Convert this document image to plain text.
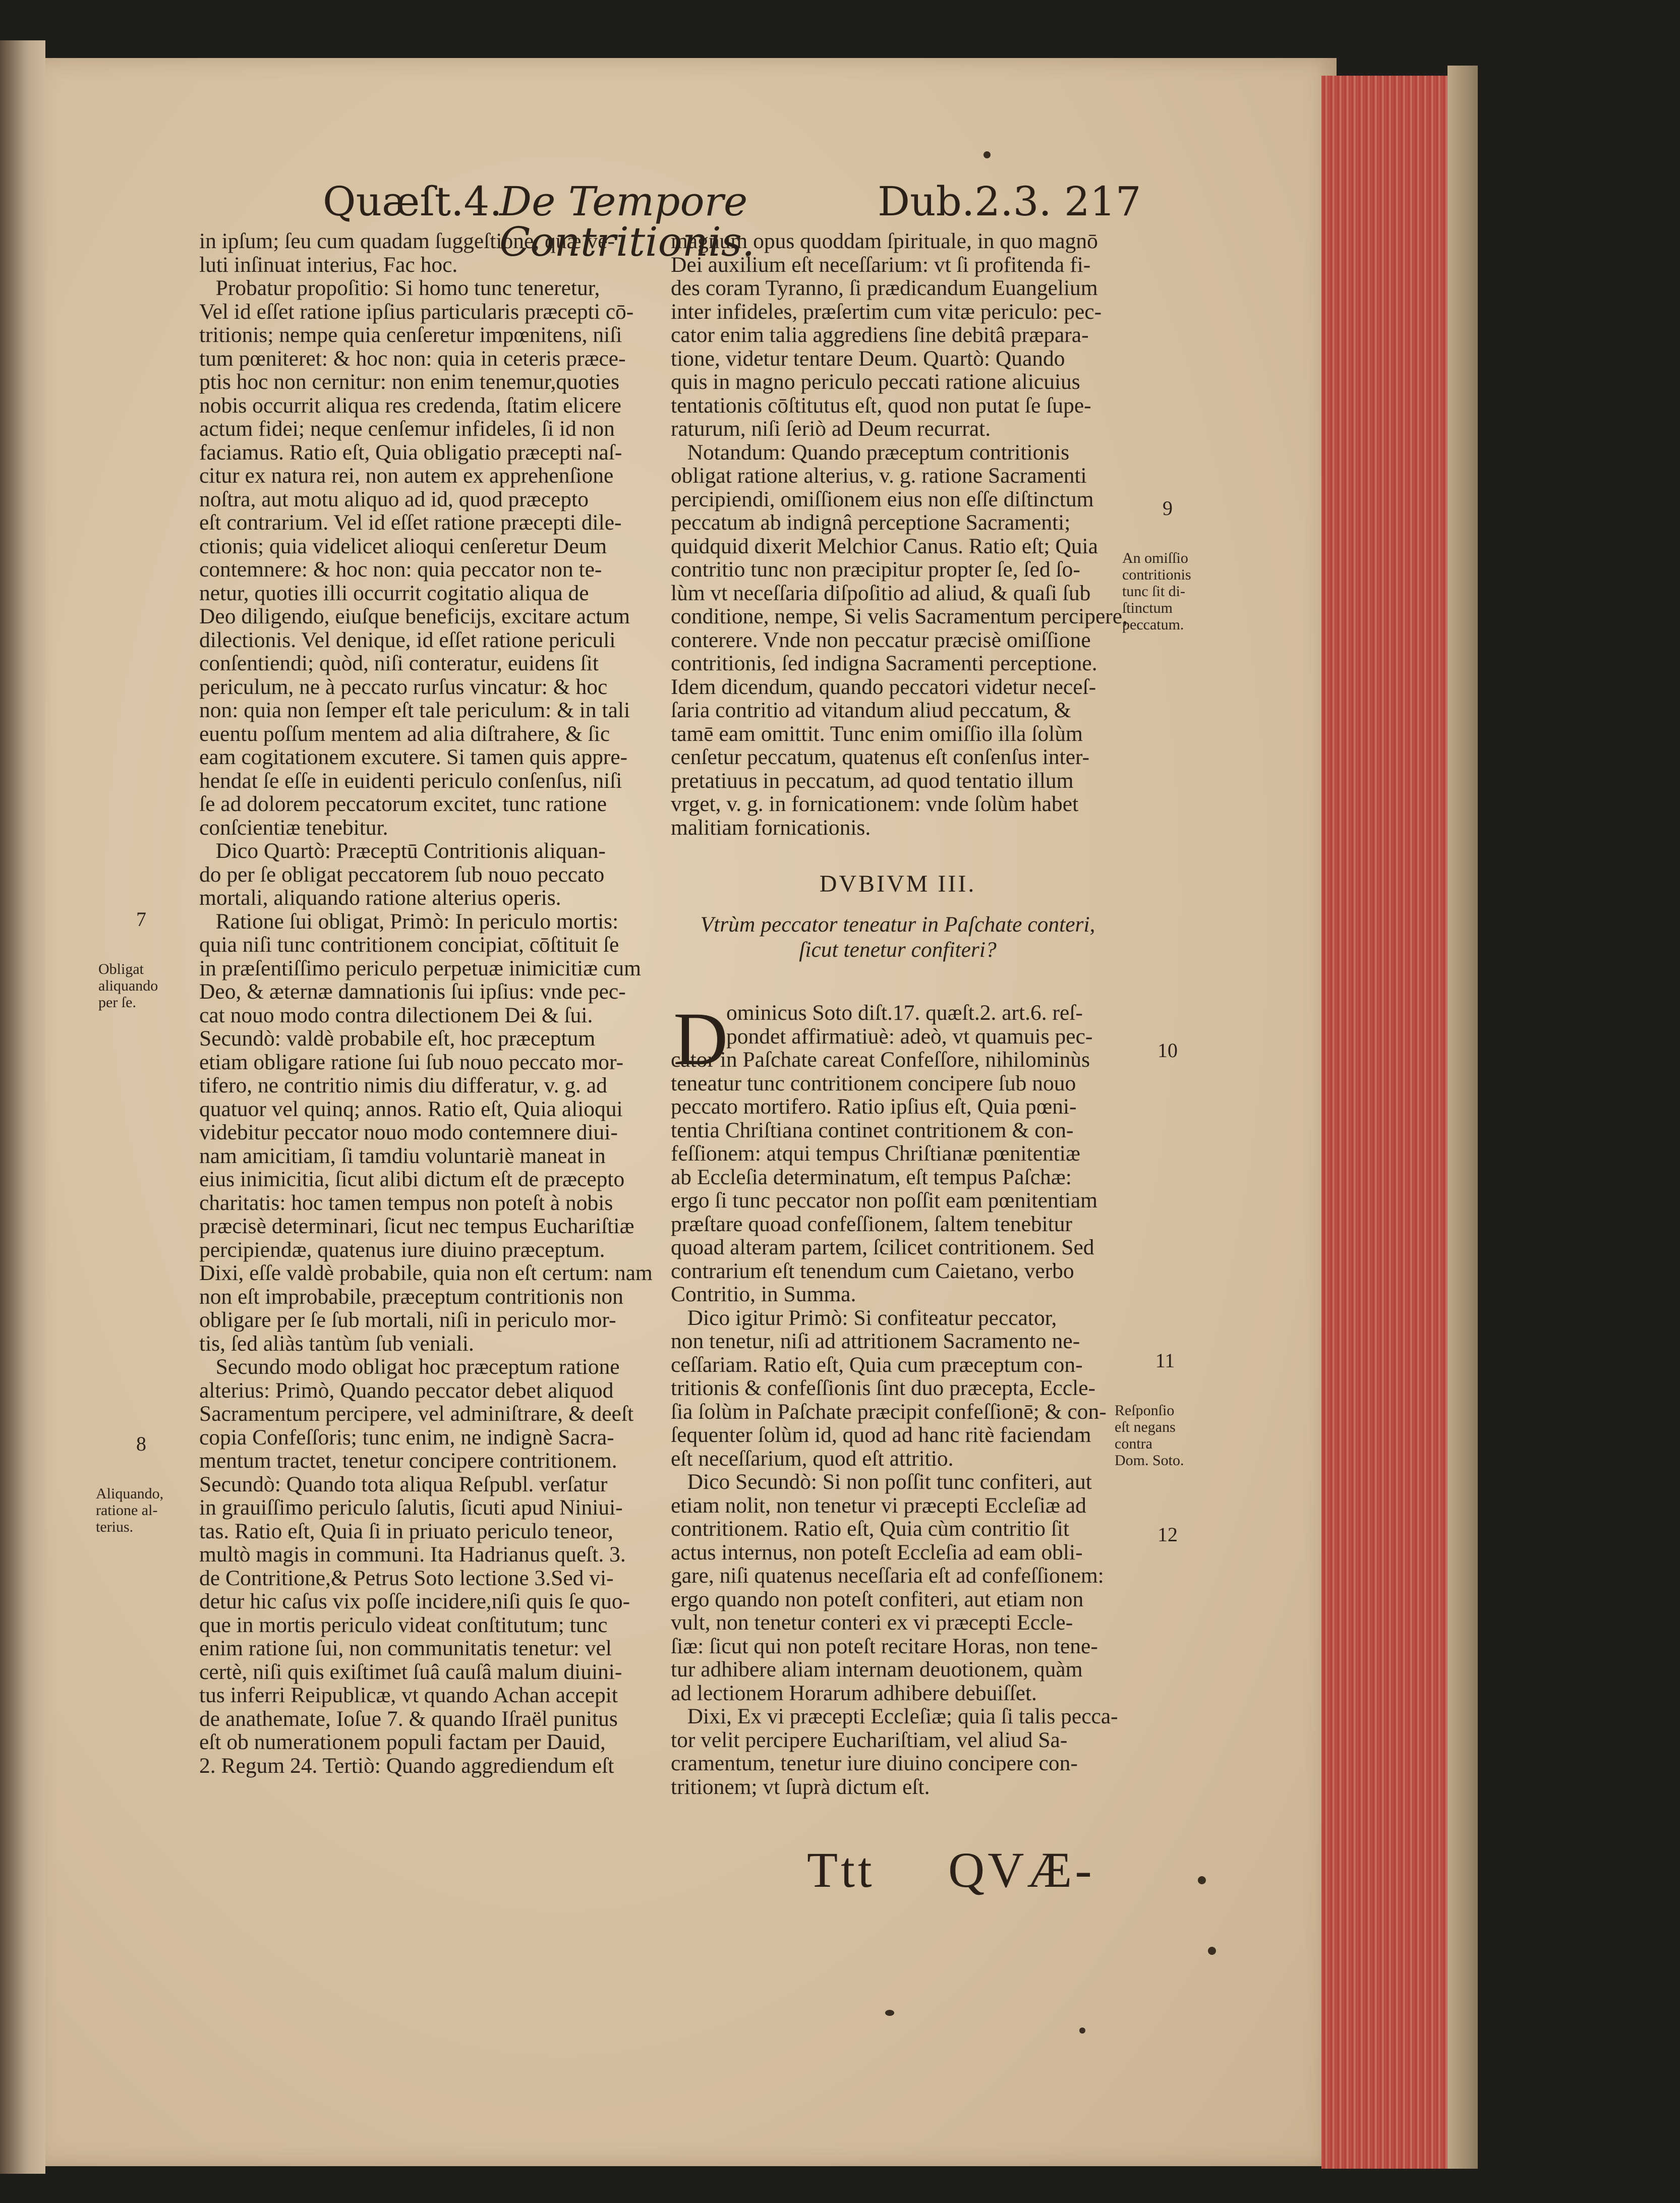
Quæſt.4.
De Tempore Contritionis.
Dub.2.3. 217
in ipſum; ſeu cum quadam ſuggeſtione, quæ ve-
luti inſinuat interius, Fac hoc.
Probatur propoſitio: Si homo tunc teneretur,
Vel id eſſet ratione ipſius particularis præcepti cō-
tritionis; nempe quia cenſeretur impœnitens, niſi
tum pœniteret: & hoc non: quia in ceteris præce-
ptis hoc non cernitur: non enim tenemur,quoties
nobis occurrit aliqua res credenda, ſtatim elicere
actum fidei; neque cenſemur infideles, ſi id non
faciamus. Ratio eſt, Quia obligatio præcepti naſ-
citur ex natura rei, non autem ex apprehenſione
noſtra, aut motu aliquo ad id, quod præcepto
eſt contrarium. Vel id eſſet ratione præcepti dile-
ctionis; quia videlicet alioqui cenſeretur Deum
contemnere: & hoc non: quia peccator non te-
netur, quoties illi occurrit cogitatio aliqua de
Deo diligendo, eiuſque beneficijs, excitare actum
dilectionis. Vel denique, id eſſet ratione periculi
conſentiendi; quòd, niſi conteratur, euidens ſit
periculum, ne à peccato rurſus vincatur: & hoc
non: quia non ſemper eſt tale periculum: & in tali
euentu poſſum mentem ad alia diſtrahere, & ſic
eam cogitationem excutere. Si tamen quis appre-
hendat ſe eſſe in euidenti periculo conſenſus, niſi
ſe ad dolorem peccatorum excitet, tunc ratione
conſcientiæ tenebitur.
Dico Quartò: Præceptū Contritionis aliquan-
do per ſe obligat peccatorem ſub nouo peccato
mortali, aliquando ratione alterius operis.
Ratione ſui obligat, Primò: In periculo mortis:
quia niſi tunc contritionem concipiat, cōſtituit ſe
in præſentiſſimo periculo perpetuæ inimicitiæ cum
Deo, & æternæ damnationis ſui ipſius: vnde pec-
cat nouo modo contra dilectionem Dei & ſui.
Secundò: valdè probabile eſt, hoc præceptum
etiam obligare ratione ſui ſub nouo peccato mor-
tifero, ne contritio nimis diu differatur, v. g. ad
quatuor vel quinq; annos. Ratio eſt, Quia alioqui
videbitur peccator nouo modo contemnere diui-
nam amicitiam, ſi tamdiu voluntariè maneat in
eius inimicitia, ſicut alibi dictum eſt de præcepto
charitatis: hoc tamen tempus non poteſt à nobis
præcisè determinari, ſicut nec tempus Euchariſtiæ
percipiendæ, quatenus iure diuino præceptum.
Dixi, eſſe valdè probabile, quia non eſt certum: nam
non eſt improbabile, præceptum contritionis non
obligare per ſe ſub mortali, niſi in periculo mor-
tis, ſed aliàs tantùm ſub veniali.
Secundo modo obligat hoc præceptum ratione
alterius: Primò, Quando peccator debet aliquod
Sacramentum percipere, vel adminiſtrare, & deeſt
copia Confeſſoris; tunc enim, ne indignè Sacra-
mentum tractet, tenetur concipere contritionem.
Secundò: Quando tota aliqua Reſpubl. verſatur
in grauiſſimo periculo ſalutis, ſicuti apud Niniui-
tas. Ratio eſt, Quia ſi in priuato periculo teneor,
multò magis in communi. Ita Hadrianus queſt. 3.
de Contritione,& Petrus Soto lectione 3.Sed vi-
detur hic caſus vix poſſe incidere,niſi quis ſe quo-
que in mortis periculo videat conſtitutum; tunc
enim ratione ſui, non communitatis tenetur: vel
certè, niſi quis exiſtimet ſuâ cauſâ malum diuini-
tus inferri Reipublicæ, vt quando Achan accepit
de anathemate, Ioſue 7. & quando Iſraël punitus
eſt ob numerationem populi factam per Dauid,
2. Regum 24. Tertiò: Quando aggrediendum eſt
magnum opus quoddam ſpirituale, in quo magnō
Dei auxilium eſt neceſſarium: vt ſi profitenda fi-
des coram Tyranno, ſi prædicandum Euangelium
inter infideles, præſertim cum vitæ periculo: pec-
cator enim talia aggrediens ſine debitâ præpara-
tione, videtur tentare Deum. Quartò: Quando
quis in magno periculo peccati ratione alicuius
tentationis cōſtitutus eſt, quod non putat ſe ſupe-
raturum, niſi ſeriò ad Deum recurrat.
Notandum: Quando præceptum contritionis
obligat ratione alterius, v. g. ratione Sacramenti
percipiendi, omiſſionem eius non eſſe diſtinctum
peccatum ab indignâ perceptione Sacramenti;
quidquid dixerit Melchior Canus. Ratio eſt; Quia
contritio tunc non præcipitur propter ſe, ſed ſo-
lùm vt neceſſaria diſpoſitio ad aliud, & quaſi ſub
conditione, nempe, Si velis Sacramentum percipere,
conterere. Vnde non peccatur præcisè omiſſione
contritionis, ſed indigna Sacramenti perceptione.
Idem dicendum, quando peccatori videtur neceſ-
ſaria contritio ad vitandum aliud peccatum, &
tamē eam omittit. Tunc enim omiſſio illa ſolùm
cenſetur peccatum, quatenus eſt conſenſus inter-
pretatiuus in peccatum, ad quod tentatio illum
vrget, v. g. in fornicationem: vnde ſolùm habet
malitiam fornicationis.
DVBIVM III.
Vtrùm peccator teneatur in Paſchate conteri,
ſicut tenetur confiteri?
D
ominicus Soto diſt.17. quæſt.2. art.6. reſ-
pondet affirmatiuè: adeò, vt quamuis pec-
cator in Paſchate careat Confeſſore, nihilominùs
teneatur tunc contritionem concipere ſub nouo
peccato mortifero. Ratio ipſius eſt, Quia pœni-
tentia Chriſtiana continet contritionem & con-
feſſionem: atqui tempus Chriſtianæ pœnitentiæ
ab Eccleſia determinatum, eſt tempus Paſchæ:
ergo ſi tunc peccator non poſſit eam pœnitentiam
præſtare quoad confeſſionem, ſaltem tenebitur
quoad alteram partem, ſcilicet contritionem. Sed
contrarium eſt tenendum cum Caietano, verbo
Contritio, in Summa.
Dico igitur Primò: Si confiteatur peccator,
non tenetur, niſi ad attritionem Sacramento ne-
ceſſariam. Ratio eſt, Quia cum præceptum con-
tritionis & confeſſionis ſint duo præcepta, Eccle-
ſia ſolùm in Paſchate præcipit confeſſionē; & con-
ſequenter ſolùm id, quod ad hanc ritè faciendam
eſt neceſſarium, quod eſt attritio.
Dico Secundò: Si non poſſit tunc confiteri, aut
etiam nolit, non tenetur vi præcepti Eccleſiæ ad
contritionem. Ratio eſt, Quia cùm contritio ſit
actus internus, non poteſt Eccleſia ad eam obli-
gare, niſi quatenus neceſſaria eſt ad confeſſionem:
ergo quando non poteſt confiteri, aut etiam non
vult, non tenetur conteri ex vi præcepti Eccle-
ſiæ: ſicut qui non poteſt recitare Horas, non tene-
tur adhibere aliam internam deuotionem, quàm
ad lectionem Horarum adhibere debuiſſet.
Dixi, Ex vi præcepti Eccleſiæ; quia ſi talis pecca-
tor velit percipere Euchariſtiam, vel aliud Sa-
cramentum, tenetur iure diuino concipere con-
tritionem; vt ſuprà dictum eſt.

7

Obligat
aliquando
per ſe.

8

Aliquando,
ratione al-
terius.

9

An omiſſio
contritionis
tunc ſit di-
ſtinctum
peccatum.

10

11

Reſponſio
eſt negans
contra
Dom. Soto.

12

Ttt QVÆ-
